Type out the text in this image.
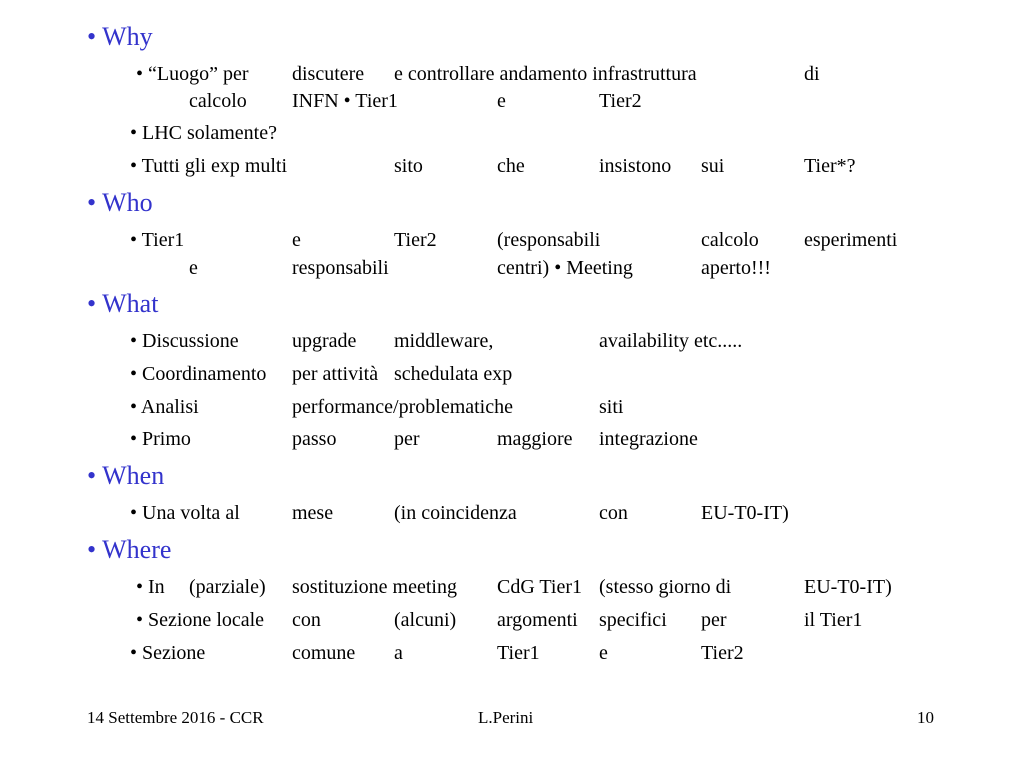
• Why
• “Luogo” per discutere e controllare andamento infrastruttura	di
calcolo INFN • Tier1	e	Tier2
• LHC solamente?
• Tutti gli exp multi	sito	che	insistono sui	Tier*?
• Who
• Tier1	e	Tier2	(responsabili	calcolo esperimenti
e	responsabili	centri) • Meeting	aperto!!!
• What
• Discussione	upgrade middleware,	availability etc.....
• Coordinamento per attività schedulata exp
• Analisi	performance/problematiche	siti
• Primo	passo	per	maggiore integrazione
• When
• Una volta al	mese	(in coincidenza	con	EU-T0-IT)
• Where
• In (parziale) sostituzione meeting CdG Tier1 (stesso giorno di	EU-T0-IT)
• Sezione locale con	(alcuni) argomenti specifici per	il Tier1
• Sezione	comune a	Tier1	e	Tier2
14 Settembre 2016 - CCR	L.Perini	10
